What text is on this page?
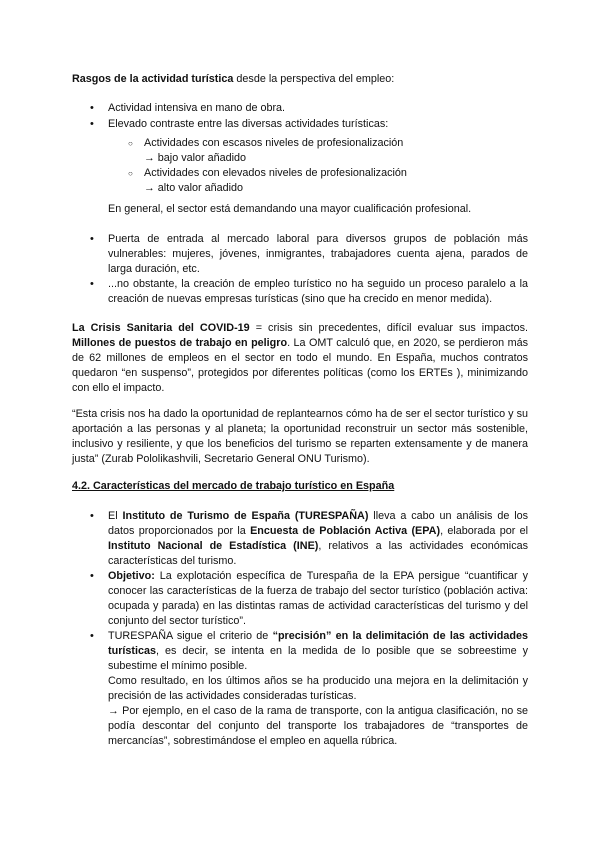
Rasgos de la actividad turística desde la perspectiva del empleo:

• Actividad intensiva en mano de obra.
• Elevado contraste entre las diversas actividades turísticas:
○ Actividades con escasos niveles de profesionalización
→ bajo valor añadido
○ Actividades con elevados niveles de profesionalización
→ alto valor añadido

En general, el sector está demandando una mayor cualificación profesional.

• Puerta de entrada al mercado laboral para diversos grupos de población más vulnerables: mujeres, jóvenes, inmigrantes, trabajadores cuenta ajena, parados de larga duración, etc.
• ...no obstante, la creación de empleo turístico no ha seguido un proceso paralelo a la creación de nuevas empresas turísticas (sino que ha crecido en menor medida).

La Crisis Sanitaria del COVID-19 = crisis sin precedentes, difícil evaluar sus impactos. Millones de puestos de trabajo en peligro. La OMT calculó que, en 2020, se perdieron más de 62 millones de empleos en el sector en todo el mundo. En España, muchos contratos quedaron “en suspenso”, protegidos por diferentes políticas (como los ERTEs ), minimizando con ello el impacto.

“Esta crisis nos ha dado la oportunidad de replantearnos cómo ha de ser el sector turístico y su aportación a las personas y al planeta; la oportunidad reconstruir un sector más sostenible, inclusivo y resiliente, y que los beneficios del turismo se reparten extensamente y de manera justa” (Zurab Pololikashvili, Secretario General ONU Turismo).

4.2. Características del mercado de trabajo turístico en España

• El Instituto de Turismo de España (TURESPAÑA) lleva a cabo un análisis de los datos proporcionados por la Encuesta de Población Activa (EPA), elaborada por el Instituto Nacional de Estadística (INE), relativos a las actividades económicas características del turismo.
• Objetivo: La explotación específica de Turespaña de la EPA persigue “cuantificar y conocer las características de la fuerza de trabajo del sector turístico (población activa: ocupada y parada) en las distintas ramas de actividad características del turismo y del conjunto del sector turístico”.
• TURESPAÑA sigue el criterio de “precisión” en la delimitación de las actividades turísticas, es decir, se intenta en la medida de lo posible que se sobreestime y subestime el mínimo posible.
Como resultado, en los últimos años se ha producido una mejora en la delimitación y precisión de las actividades consideradas turísticas.
→ Por ejemplo, en el caso de la rama de transporte, con la antigua clasificación, no se podía descontar del conjunto del transporte los trabajadores de “transportes de mercancías”, sobrestimándose el empleo en aquella rúbrica.
